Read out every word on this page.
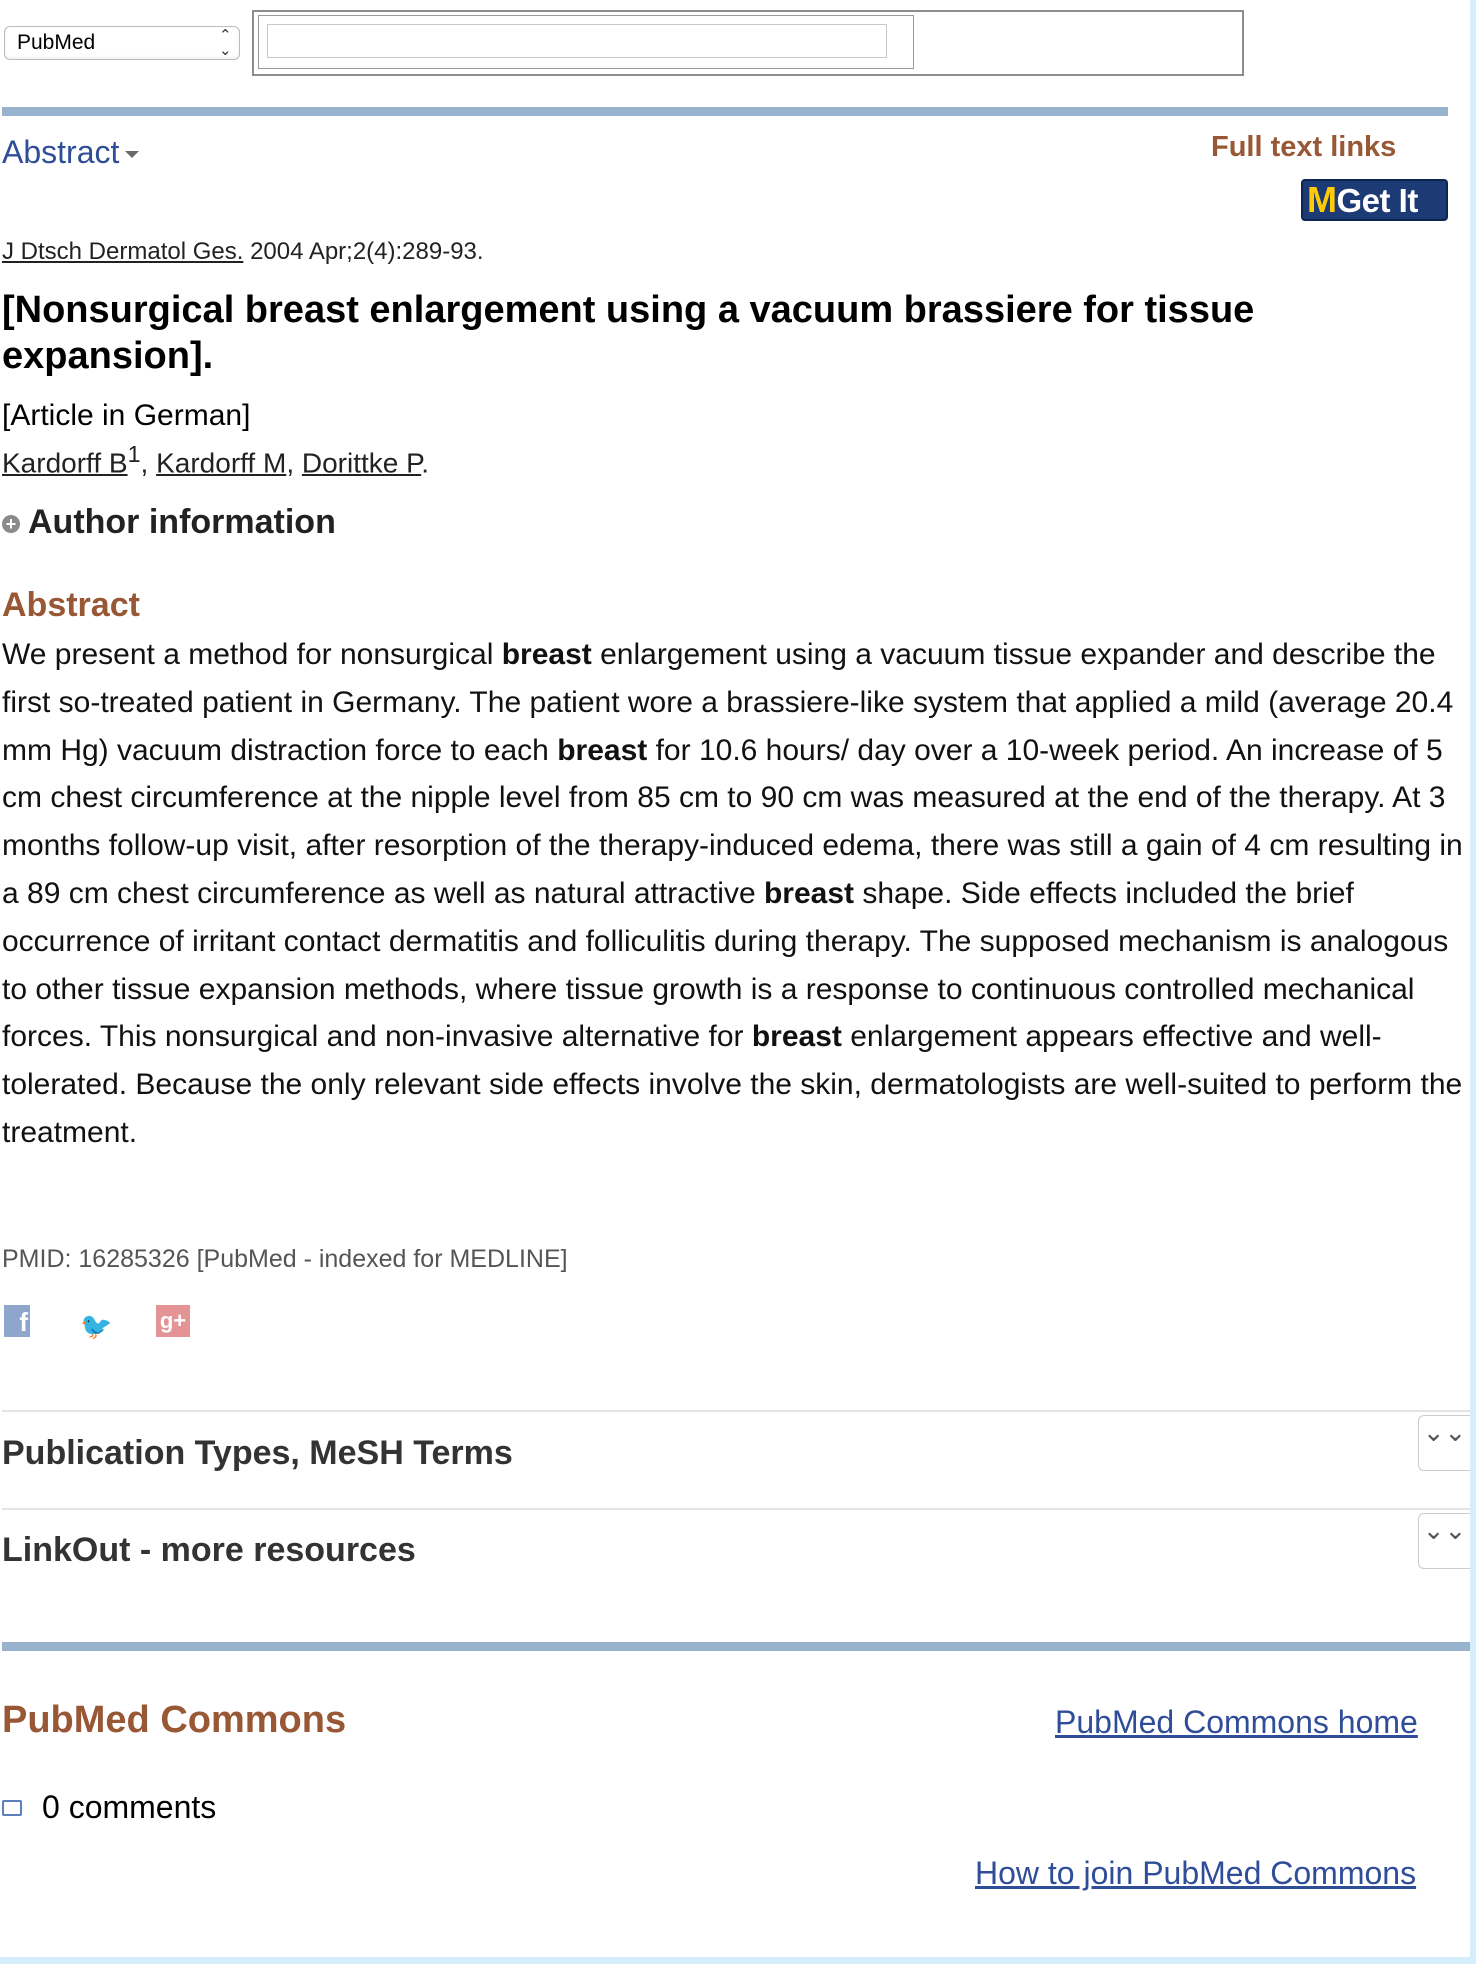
PubMed	⌃
⌄
Abstract	Full text links
MGet It
J Dtsch Dermatol Ges. 2004 Apr;2(4):289-93.
[Nonsurgical breast enlargement using a vacuum brassiere for tissue expansion].
[Article in German]
Kardorff $B^1$, Kardorff M, Dorittke P.
+ Author information
Abstract

We present a method for nonsurgical breast enlargement using a vacuum tissue expander and describe the first so-treated patient in Germany. The patient wore a brassiere-like system that applied a mild (average 20.4 mm Hg) vacuum distraction force to each breast for 10.6 hours/ day over a 10-week period. An increase of 5 cm chest circumference at the nipple level from 85 cm to 90 cm was measured at the end of the therapy. At 3 months follow-up visit, after resorption of the therapy-induced edema, there was still a gain of 4 cm resulting in a 89 cm chest circumference as well as natural attractive breast shape. Side effects included the brief occurrence of irritant contact dermatitis and folliculitis during therapy. The supposed mechanism is analogous to other tissue expansion methods, where tissue growth is a response to continuous controlled mechanical forces. This nonsurgical and non-invasive alternative for breast enlargement appears effective and well-tolerated. Because the only relevant side effects involve the skin, dermatologists are well-suited to perform the treatment.

PMID: 16285326 [PubMed - indexed for MEDLINE]
f 🐦 g+
Publication Types, MeSH Terms
⌄⌄
LinkOut - more resources
⌄⌄
PubMed Commons	PubMed Commons home
0 comments
How to join PubMed Commons
